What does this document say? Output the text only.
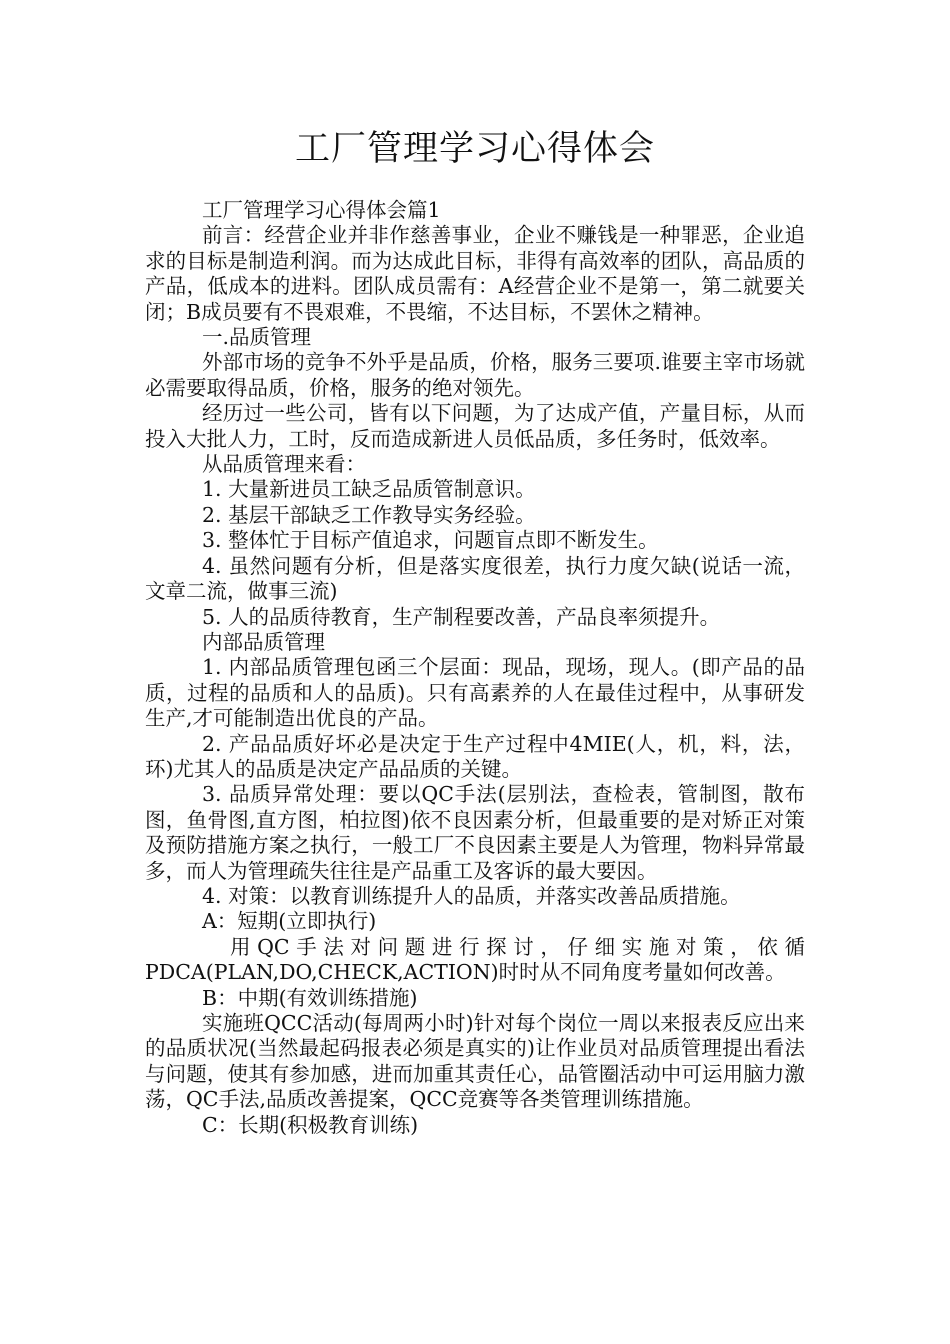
工厂管理学习心得体会

工厂管理学习心得体会篇1

前言：经营企业并非作慈善事业，企业不赚钱是一种罪恶，企业追求的目标是制造利润。而为达成此目标，非得有高效率的团队，高品质的产品，低成本的进料。团队成员需有：A经营企业不是第一，第二就要关闭；B成员要有不畏艰难，不畏缩，不达目标，不罢休之精神。

一.品质管理

外部市场的竞争不外乎是品质，价格，服务三要项.谁要主宰市场就必需要取得品质，价格，服务的绝对领先。

经历过一些公司，皆有以下问题，为了达成产值，产量目标，从而投入大批人力，工时，反而造成新进人员低品质，多任务时，低效率。

从品质管理来看：

1. 大量新进员工缺乏品质管制意识。

2. 基层干部缺乏工作教导实务经验。

3. 整体忙于目标产值追求，问题盲点即不断发生。

4. 虽然问题有分析，但是落实度很差，执行力度欠缺(说话一流，文章二流，做事三流)

5. 人的品质待教育，生产制程要改善，产品良率须提升。

内部品质管理

1. 内部品质管理包函三个层面：现品，现场，现人。(即产品的品质，过程的品质和人的品质)。只有高素养的人在最佳过程中，从事研发生产,才可能制造出优良的产品。

2. 产品品质好坏必是决定于生产过程中4MIE(人，机，料，法，环)尤其人的品质是决定产品品质的关键。

3. 品质异常处理：要以QC手法(层别法，查检表，管制图，散布图，鱼骨图,直方图，柏拉图)依不良因素分析，但最重要的是对矫正对策及预防措施方案之执行，一般工厂不良因素主要是人为管理，物料异常最多，而人为管理疏失往往是产品重工及客诉的最大要因。

4. 对策：以教育训练提升人的品质，并落实改善品质措施。

A：短期(立即执行)

用QC手法对问题进行探讨，仔细实施对策，依循PDCA(PLAN,DO,CHECK,ACTION)时时从不同角度考量如何改善。

B：中期(有效训练措施)

实施班QCC活动(每周两小时)针对每个岗位一周以来报表反应出来的品质状况(当然最起码报表必须是真实的)让作业员对品质管理提出看法与问题，使其有参加感，进而加重其责任心，品管圈活动中可运用脑力激荡，QC手法,品质改善提案，QCC竞赛等各类管理训练措施。

C：长期(积极教育训练)
